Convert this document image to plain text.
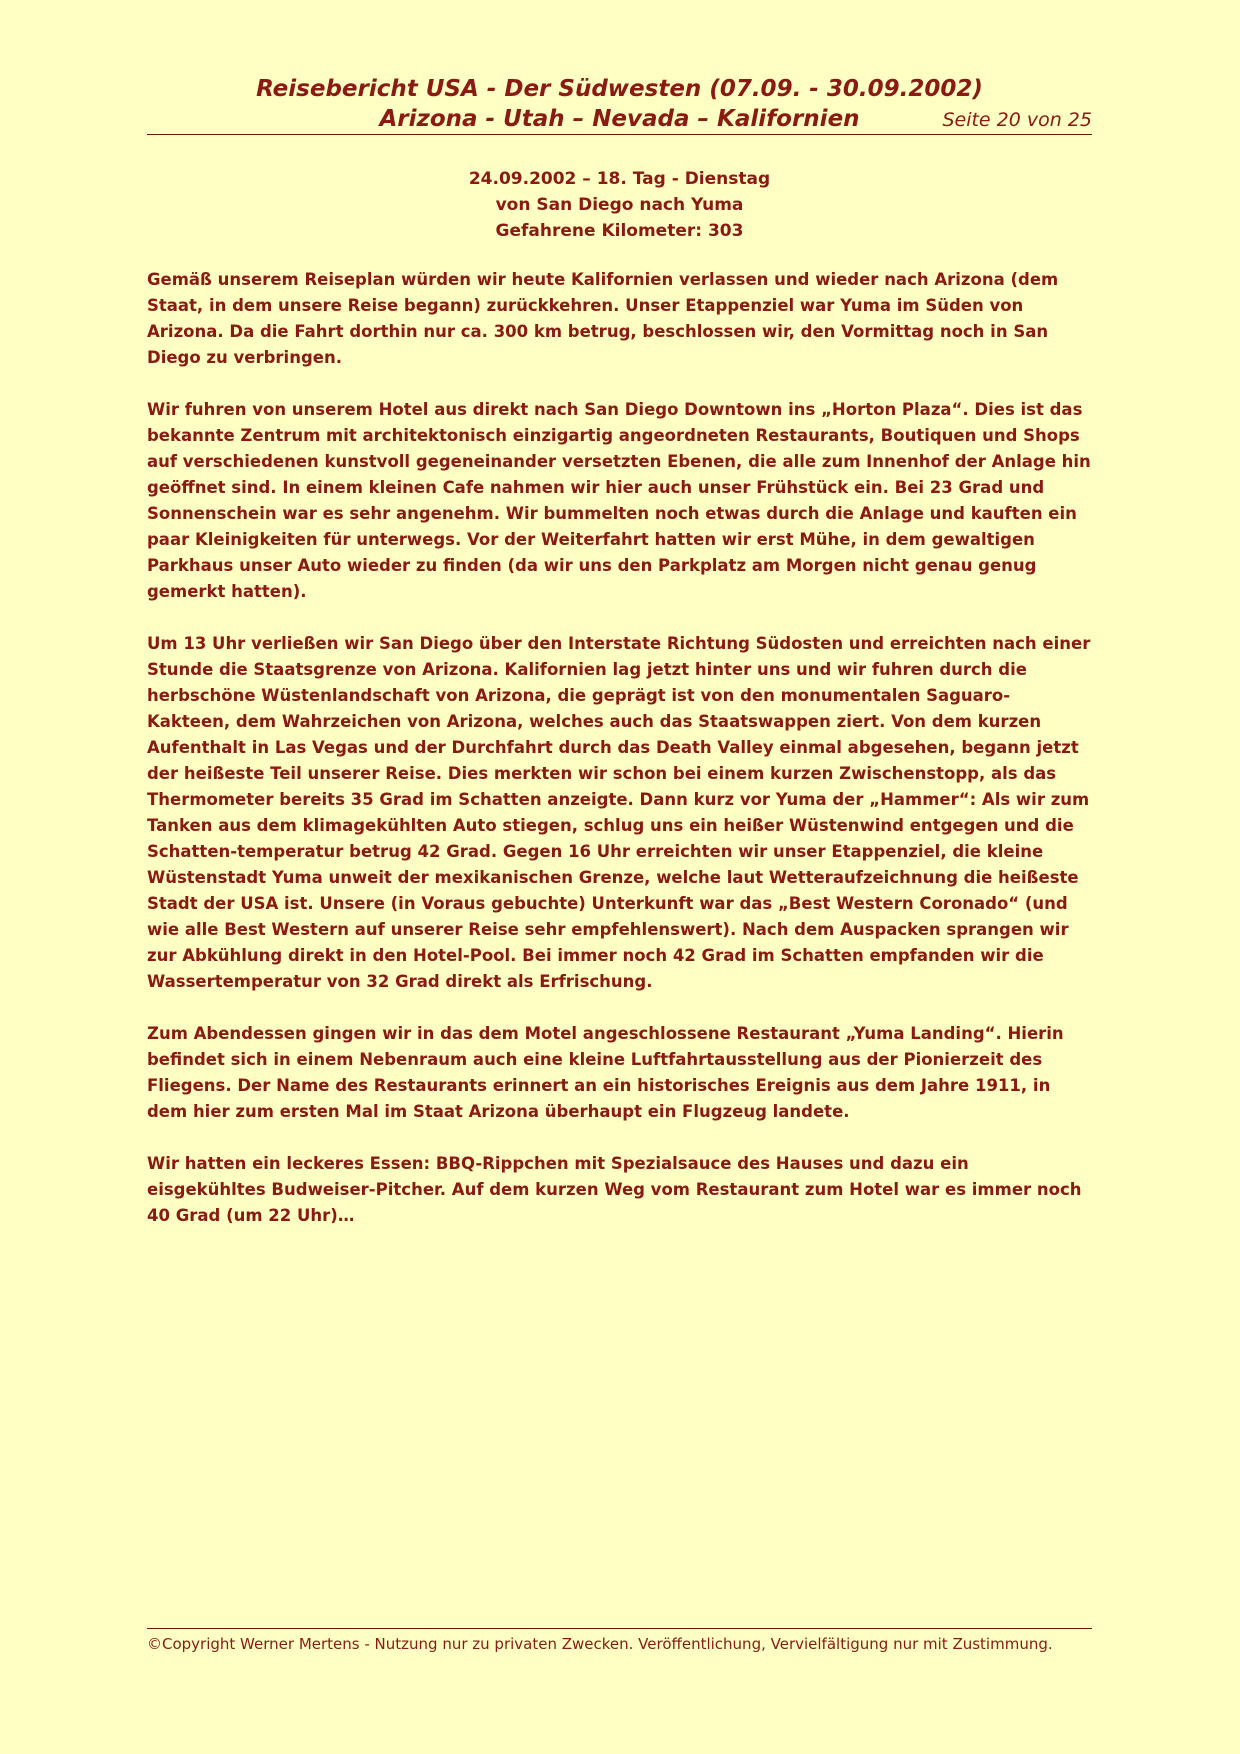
Reisebericht USA - Der Südwesten (07.09. - 30.09.2002)
Arizona - Utah – Nevada – Kalifornien	Seite 20 von 25
24.09.2002 – 18. Tag - Dienstag
von San Diego nach Yuma
Gefahrene Kilometer: 303

Gemäß unserem Reiseplan würden wir heute Kalifornien verlassen und wieder nach Arizona (dem Staat, in dem unsere Reise begann) zurückkehren. Unser Etappenziel war Yuma im Süden von Arizona. Da die Fahrt dorthin nur ca. 300 km betrug, beschlossen wir, den Vormittag noch in San Diego zu verbringen.

Wir fuhren von unserem Hotel aus direkt nach San Diego Downtown ins „Horton Plaza“. Dies ist das bekannte Zentrum mit architektonisch einzigartig angeordneten Restaurants, Boutiquen und Shops auf verschiedenen kunstvoll gegeneinander versetzten Ebenen, die alle zum Innenhof der Anlage hin geöffnet sind. In einem kleinen Cafe nahmen wir hier auch unser Frühstück ein. Bei 23 Grad und Sonnenschein war es sehr angenehm. Wir bummelten noch etwas durch die Anlage und kauften ein paar Kleinigkeiten für unterwegs. Vor der Weiterfahrt hatten wir erst Mühe, in dem gewaltigen Parkhaus unser Auto wieder zu finden (da wir uns den Parkplatz am Morgen nicht genau genug gemerkt hatten).

Um 13 Uhr verließen wir San Diego über den Interstate Richtung Südosten und erreichten nach einer Stunde die Staatsgrenze von Arizona. Kalifornien lag jetzt hinter uns und wir fuhren durch die herbschöne Wüstenlandschaft von Arizona, die geprägt ist von den monumentalen Saguaro-Kakteen, dem Wahrzeichen von Arizona, welches auch das Staatswappen ziert. Von dem kurzen Aufenthalt in Las Vegas und der Durchfahrt durch das Death Valley einmal abgesehen, begann jetzt der heißeste Teil unserer Reise. Dies merkten wir schon bei einem kurzen Zwischenstopp, als das Thermometer bereits 35 Grad im Schatten anzeigte. Dann kurz vor Yuma der „Hammer“: Als wir zum Tanken aus dem klimagekühlten Auto stiegen, schlug uns ein heißer Wüstenwind entgegen und die Schatten-temperatur betrug 42 Grad. Gegen 16 Uhr erreichten wir unser Etappenziel, die kleine Wüstenstadt Yuma unweit der mexikanischen Grenze, welche laut Wetteraufzeichnung die heißeste Stadt der USA ist. Unsere (in Voraus gebuchte) Unterkunft war das „Best Western Coronado“ (und wie alle Best Western auf unserer Reise sehr empfehlenswert). Nach dem Auspacken sprangen wir zur Abkühlung direkt in den Hotel-Pool. Bei immer noch 42 Grad im Schatten empfanden wir die Wassertemperatur von 32 Grad direkt als Erfrischung.

Zum Abendessen gingen wir in das dem Motel angeschlossene Restaurant „Yuma Landing“. Hierin befindet sich in einem Nebenraum auch eine kleine Luftfahrtausstellung aus der Pionierzeit des Fliegens. Der Name des Restaurants erinnert an ein historisches Ereignis aus dem Jahre 1911, in dem hier zum ersten Mal im Staat Arizona überhaupt ein Flugzeug landete.

Wir hatten ein leckeres Essen: BBQ-Rippchen mit Spezialsauce des Hauses und dazu ein eisgekühltes Budweiser-Pitcher. Auf dem kurzen Weg vom Restaurant zum Hotel war es immer noch 40 Grad (um 22 Uhr)…

©Copyright Werner Mertens - Nutzung nur zu privaten Zwecken. Veröffentlichung, Vervielfältigung nur mit Zustimmung.
